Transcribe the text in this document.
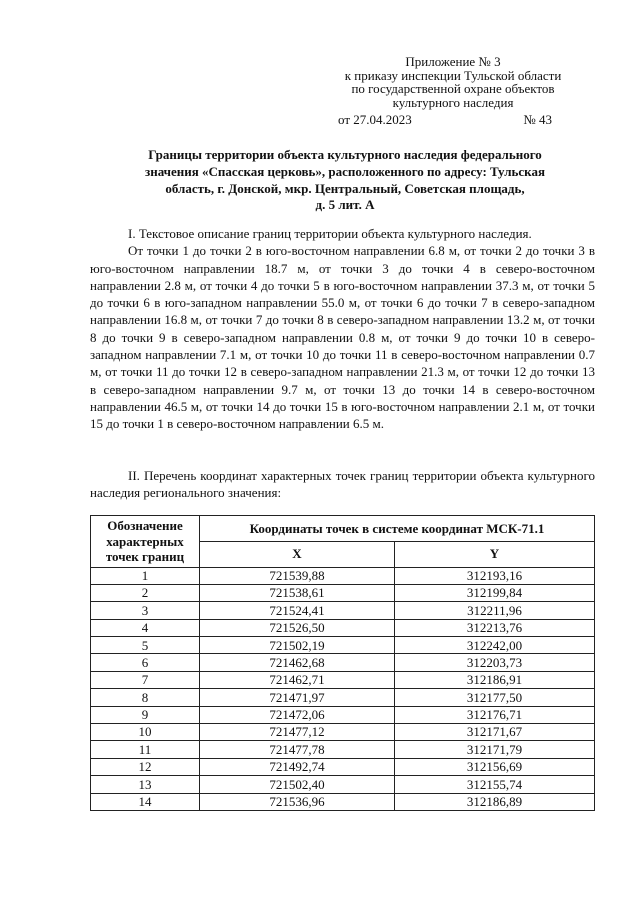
Приложение № 3
к приказу инспекции Тульской области
по государственной охране объектов
культурного наследия
от 27.04.2023	№ 43
Границы территории объекта культурного наследия федерального
значения «Спасская церковь», расположенного по адресу: Тульская
область, г. Донской, мкр. Центральный, Советская площадь,
д. 5 лит. А

I. Текстовое описание границ территории объекта культурного наследия.

От точки 1 до точки 2 в юго-восточном направлении 6.8 м, от точки 2 до точки 3 в юго-восточном направлении 18.7 м, от точки 3 до точки 4 в северо-восточном направлении 2.8 м, от точки 4 до точки 5 в юго-восточном направлении 37.3 м, от точки 5 до точки 6 в юго-западном направлении 55.0 м, от точки 6 до точки 7 в северо-западном направлении 16.8 м, от точки 7 до точки 8 в северо-западном направлении 13.2 м, от точки 8 до точки 9 в северо-западном направлении 0.8 м, от точки 9 до точки 10 в северо-западном направлении 7.1 м, от точки 10 до точки 11 в северо-восточном направлении 0.7 м, от точки 11 до точки 12 в северо-западном направлении 21.3 м, от точки 12 до точки 13 в северо-западном направлении 9.7 м, от точки 13 до точки 14 в северо-восточном направлении 46.5 м, от точки 14 до точки 15 в юго-восточном направлении 2.1 м, от точки 15 до точки 1 в северо-восточном направлении 6.5 м.

II. Перечень координат характерных точек границ территории объекта культурного наследия регионального значения:

Обозначение характерных точек границ	Координаты точек в системе координат МСК-71.1	
	X	Y
1	721539,88	312193,16
2	721538,61	312199,84
3	721524,41	312211,96
4	721526,50	312213,76
5	721502,19	312242,00
6	721462,68	312203,73
7	721462,71	312186,91
8	721471,97	312177,50
9	721472,06	312176,71
10	721477,12	312171,67
11	721477,78	312171,79
12	721492,74	312156,69
13	721502,40	312155,74
14	721536,96	312186,89
